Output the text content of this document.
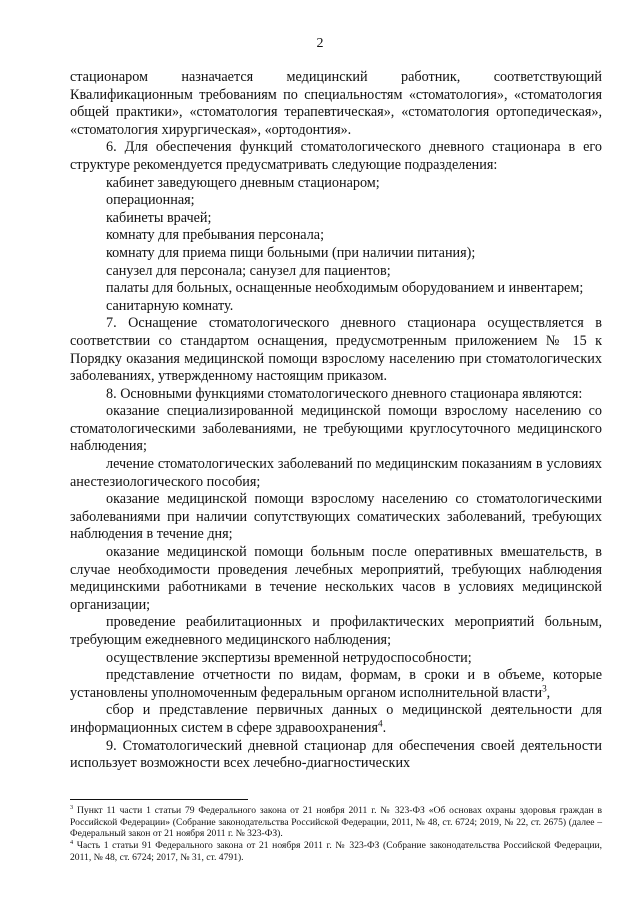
2

стационаром назначается медицинский работник, соответствующий Квалификационным требованиям по специальностям «стоматология», «стоматология общей практики», «стоматология терапевтическая», «стоматология ортопедическая», «стоматология хирургическая», «ортодонтия».

6. Для обеспечения функций стоматологического дневного стационара в его структуре рекомендуется предусматривать следующие подразделения:

кабинет заведующего дневным стационаром;

операционная;

кабинеты врачей;

комнату для пребывания персонала;

комнату для приема пищи больными (при наличии питания);

санузел для персонала; санузел для пациентов;

палаты для больных, оснащенные необходимым оборудованием и инвентарем;

санитарную комнату.

7. Оснащение стоматологического дневного стационара осуществляется в соответствии со стандартом оснащения, предусмотренным приложением № 15 к Порядку оказания медицинской помощи взрослому населению при стоматологических заболеваниях, утвержденному настоящим приказом.

8. Основными функциями стоматологического дневного стационара являются:

оказание специализированной медицинской помощи взрослому населению со стоматологическими заболеваниями, не требующими круглосуточного медицинского наблюдения;

лечение стоматологических заболеваний по медицинским показаниям в условиях анестезиологического пособия;

оказание медицинской помощи взрослому населению со стоматологическими заболеваниями при наличии сопутствующих соматических заболеваний, требующих наблюдения в течение дня;

оказание медицинской помощи больным после оперативных вмешательств, в случае необходимости проведения лечебных мероприятий, требующих наблюдения медицинскими работниками в течение нескольких часов в условиях медицинской организации;

проведение реабилитационных и профилактических мероприятий больным, требующим ежедневного медицинского наблюдения;

осуществление экспертизы временной нетрудоспособности;

представление отчетности по видам, формам, в сроки и в объеме, которые установлены уполномоченным федеральным органом исполнительной власти$^3$,

сбор и представление первичных данных о медицинской деятельности для информационных систем в сфере здравоохранения$^4$.

9. Стоматологический дневной стационар для обеспечения своей деятельности использует возможности всех лечебно-диагностических

$^3$ Пункт 11 части 1 статьи 79 Федерального закона от 21 ноября 2011 г. № 323-ФЗ «Об основах охраны здоровья граждан в Российской Федерации» (Собрание законодательства Российской Федерации, 2011, № 48, ст. 6724; 2019, № 22, ст. 2675) (далее – Федеральный закон от 21 ноября 2011 г. № 323-ФЗ).

$^4$ Часть 1 статьи 91 Федерального закона от 21 ноября 2011 г. № 323-ФЗ (Собрание законодательства Российской Федерации, 2011, № 48, ст. 6724; 2017, № 31, ст. 4791).
